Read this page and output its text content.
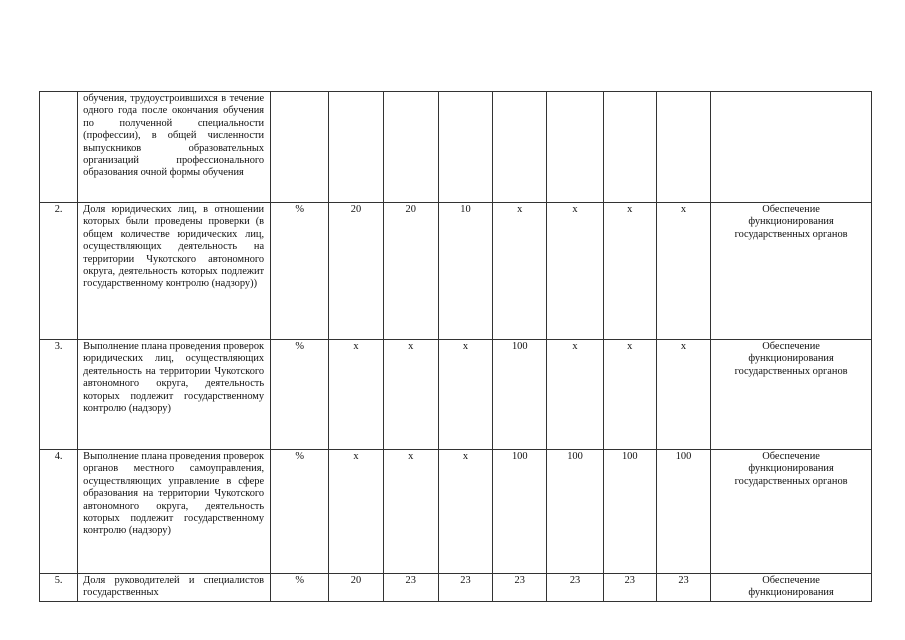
	обучения, трудоустроившихся в течение одного года после окончания обучения по полученной специальности (профессии), в общей численности выпускников образовательных организаций профессионального образования очной формы обучения									
2.	Доля юридических лиц, в отношении которых были проведены проверки (в общем количестве юридических лиц, осуществляющих деятельность на территории Чукотского автономного округа, деятельность которых подлежит государственному контролю (надзору))	%	20	20	10	х	х	х	х	Обеспечение функционирования государственных органов
3.	Выполнение плана проведения проверок юридических лиц, осуществляющих деятельность на территории Чукотского автономного округа, деятельность которых подлежит государственному контролю (надзору)	%	х	х	х	100	х	х	х	Обеспечение функционирования государственных органов
4.	Выполнение плана проведения проверок органов местного самоуправления, осуществляющих управление в сфере образования на территории Чукотского автономного округа, деятельность которых подлежит государственному контролю (надзору)	%	х	х	х	100	100	100	100	Обеспечение функционирования государственных органов
5.	Доля руководителей и специалистов государственных	%	20	23	23	23	23	23	23	Обеспечение функционирования
